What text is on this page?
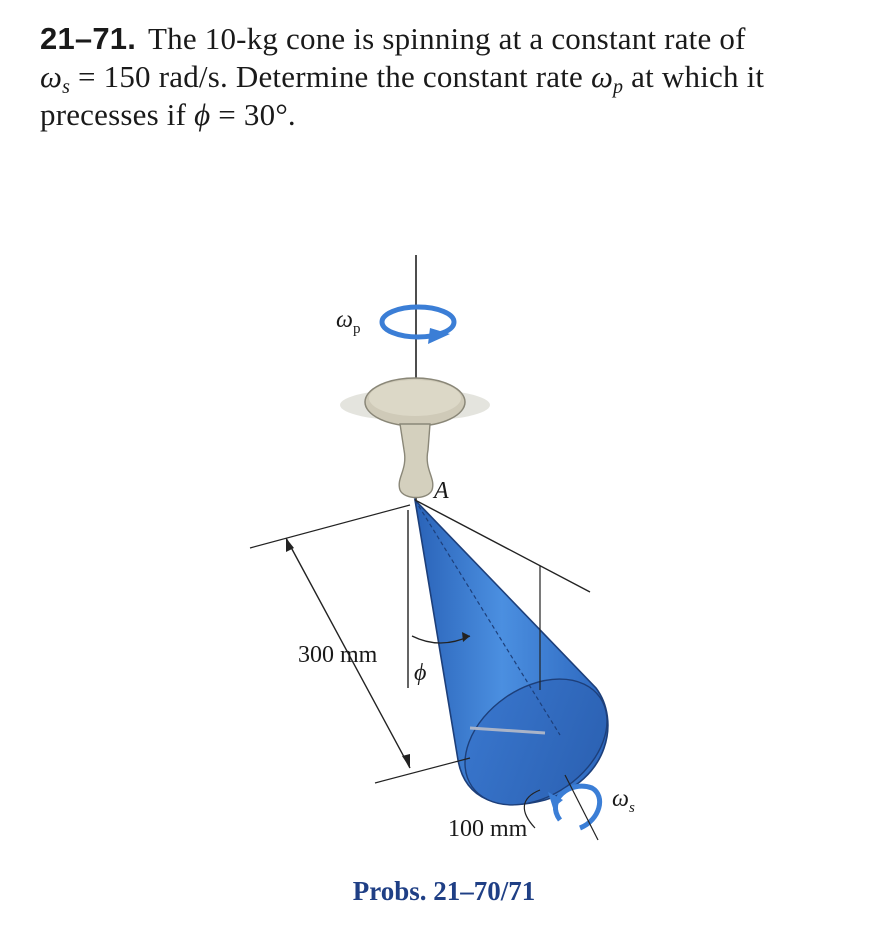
21–71. The 10-kg cone is spinning at a constant rate of
$\omega_s = 150$ rad/s. Determine the constant rate $\omega_p$ at which it
precesses if ϕ = 30°.
$\omega_p$
A
300 mm
ϕ
100 mm
$\omega_s$
Probs. 21–70/71
